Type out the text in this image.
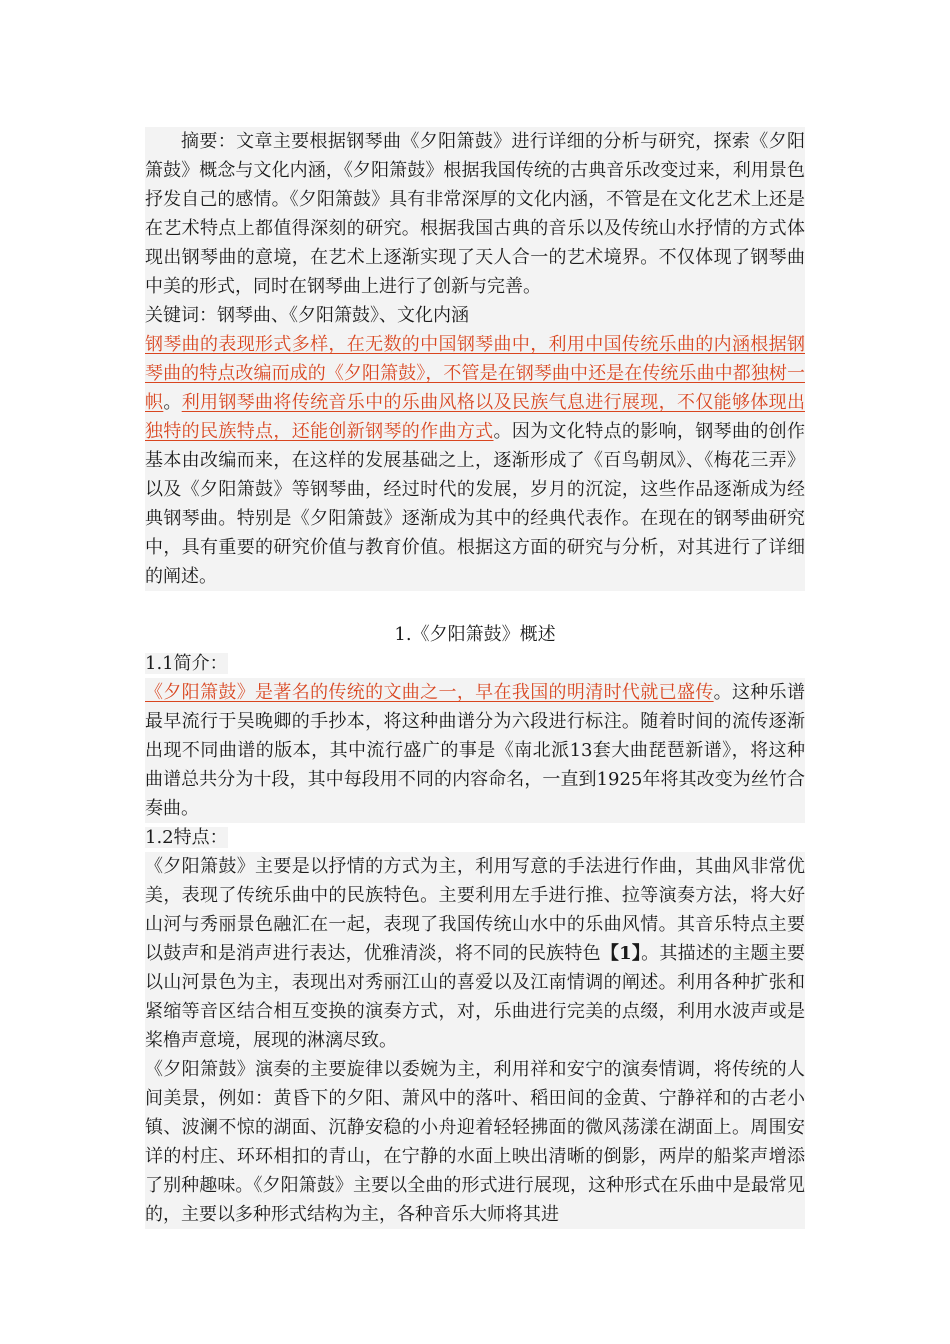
摘要：文章主要根据钢琴曲《夕阳箫鼓》进行详细的分析与研究，探索《夕阳箫鼓》概念与文化内涵，《夕阳箫鼓》根据我国传统的古典音乐改变过来，利用景色抒发自己的感情。《夕阳箫鼓》具有非常深厚的文化内涵，不管是在文化艺术上还是在艺术特点上都值得深刻的研究。根据我国古典的音乐以及传统山水抒情的方式体现出钢琴曲的意境，在艺术上逐渐实现了天人合一的艺术境界。不仅体现了钢琴曲中美的形式，同时在钢琴曲上进行了创新与完善。

关键词：钢琴曲、《夕阳箫鼓》、文化内涵

钢琴曲的表现形式多样，在无数的中国钢琴曲中，利用中国传统乐曲的内涵根据钢琴曲的特点改编而成的《夕阳箫鼓》，不管是在钢琴曲中还是在传统乐曲中都独树一帜。利用钢琴曲将传统音乐中的乐曲风格以及民族气息进行展现，不仅能够体现出独特的民族特点，还能创新钢琴的作曲方式。因为文化特点的影响，钢琴曲的创作基本由改编而来，在这样的发展基础之上，逐渐形成了《百鸟朝凤》、《梅花三弄》以及《夕阳箫鼓》等钢琴曲，经过时代的发展，岁月的沉淀，这些作品逐渐成为经典钢琴曲。特别是《夕阳箫鼓》逐渐成为其中的经典代表作。在现在的钢琴曲研究中，具有重要的研究价值与教育价值。根据这方面的研究与分析，对其进行了详细的阐述。

1.《夕阳箫鼓》概述

1.1简介：

《夕阳箫鼓》是著名的传统的文曲之一，早在我国的明清时代就已盛传。这种乐谱最早流行于吴晚卿的手抄本，将这种曲谱分为六段进行标注。随着时间的流传逐渐出现不同曲谱的版本，其中流行盛广的事是《南北派13套大曲琵琶新谱》，将这种曲谱总共分为十段，其中每段用不同的内容命名，一直到1925年将其改变为丝竹合奏曲。

1.2特点：

《夕阳箫鼓》主要是以抒情的方式为主，利用写意的手法进行作曲，其曲风非常优美，表现了传统乐曲中的民族特色。主要利用左手进行推、拉等演奏方法，将大好山河与秀丽景色融汇在一起，表现了我国传统山水中的乐曲风情。其音乐特点主要以鼓声和是消声进行表达，优雅清淡，将不同的民族特色【1】。其描述的主题主要以山河景色为主，表现出对秀丽江山的喜爱以及江南情调的阐述。利用各种扩张和紧缩等音区结合相互变换的演奏方式，对，乐曲进行完美的点缀，利用水波声或是桨橹声意境，展现的淋漓尽致。

《夕阳箫鼓》演奏的主要旋律以委婉为主，利用祥和安宁的演奏情调，将传统的人间美景，例如：黄昏下的夕阳、萧风中的落叶、稻田间的金黄、宁静祥和的古老小镇、波澜不惊的湖面、沉静安稳的小舟迎着轻轻拂面的微风荡漾在湖面上。周围安详的村庄、环环相扣的青山，在宁静的水面上映出清晰的倒影，两岸的船桨声增添了别种趣味。《夕阳箫鼓》主要以全曲的形式进行展现，这种形式在乐曲中是最常见的，主要以多种形式结构为主，各种音乐大师将其进
